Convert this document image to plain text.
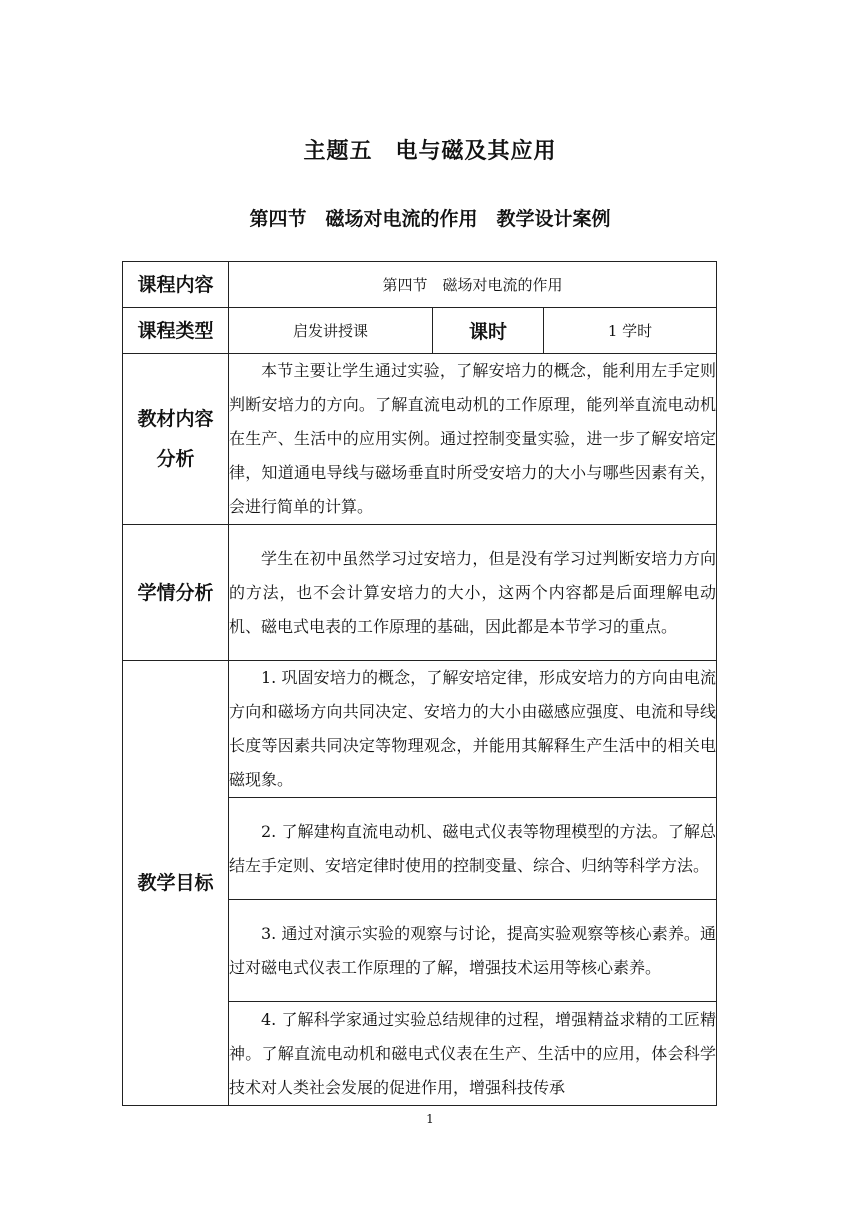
主题五　电与磁及其应用
第四节　磁场对电流的作用　教学设计案例
课程内容	第四节　磁场对电流的作用		
课程类型	启发讲授课	课时	1 学时

教材内容
分析	本节主要让学生通过实验，了解安培力的概念，能利用左手定则判断安培力的方向。了解直流电动机的工作原理，能列举直流电动机在生产、生活中的应用实例。通过控制变量实验，进一步了解安培定律，知道通电导线与磁场垂直时所受安培力的大小与哪些因素有关，会进行简单的计算。		
学情分析	学生在初中虽然学习过安培力，但是没有学习过判断安培力方向的方法，也不会计算安培力的大小，这两个内容都是后面理解电动机、磁电式电表的工作原理的基础，因此都是本节学习的重点。		
教学目标	1. 巩固安培力的概念，了解安培定律，形成安培力的方向由电流方向和磁场方向共同决定、安培力的大小由磁感应强度、电流和导线长度等因素共同决定等物理观念，并能用其解释生产生活中的相关电磁现象。		
	2. 了解建构直流电动机、磁电式仪表等物理模型的方法。了解总结左手定则、安培定律时使用的控制变量、综合、归纳等科学方法。		
	3. 通过对演示实验的观察与讨论，提高实验观察等核心素养。通过对磁电式仪表工作原理的了解，增强技术运用等核心素养。		
	4. 了解科学家通过实验总结规律的过程，增强精益求精的工匠精神。了解直流电动机和磁电式仪表在生产、生活中的应用，体会科学技术对人类社会发展的促进作用，增强科技传承		
1
